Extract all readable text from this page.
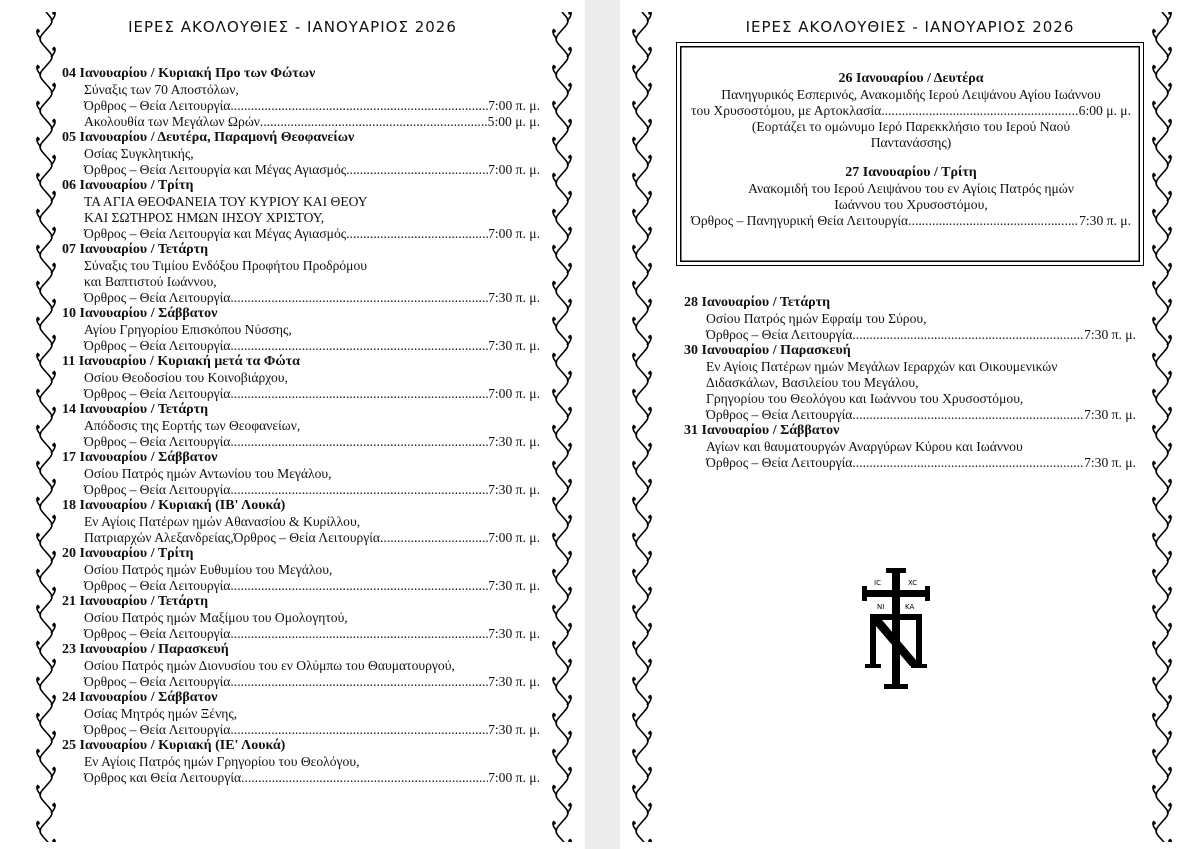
ΙΕΡΕΣ ΑΚΟΛΟΥΘΙΕΣ - ΙΑΝΟΥΑΡΙΟΣ 2026	ΙΕΡΕΣ ΑΚΟΛΟΥΘΙΕΣ - ΙΑΝΟΥΑΡΙΟΣ 2026
04 Ιανουαρίου / Κυριακή Προ των Φώτων
Σύναξις των 70 Αποστόλων,
Όρθρος – Θεία Λειτουργία .....	7:00 π. μ.
Ακολουθία των Μεγάλων Ωρών .....	5:00 μ. μ.
05 Ιανουαρίου / Δευτέρα, Παραμονή Θεοφανείων
Οσίας Συγκλητικής,
Όρθρος – Θεία Λειτουργία και Μέγας Αγιασμός .....	7:00 π. μ.
06 Ιανουαρίου / Τρίτη
ΤΑ ΑΓΙΑ ΘΕΟΦΑΝΕΙΑ ΤΟΥ ΚΥΡΙΟΥ ΚΑΙ ΘΕΟΥ
ΚΑΙ ΣΩΤΗΡΟΣ ΗΜΩΝ ΙΗΣΟΥ ΧΡΙΣΤΟΥ,
Όρθρος – Θεία Λειτουργία και Μέγας Αγιασμός .....	7:00 π. μ.
07 Ιανουαρίου / Τετάρτη
Σύναξις του Τιμίου Ενδόξου Προφήτου Προδρόμου
και Βαπτιστού Ιωάννου,
Όρθρος – Θεία Λειτουργία .....	7:30 π. μ.
10 Ιανουαρίου / Σάββατον
Αγίου Γρηγορίου Επισκόπου Νύσσης,
Όρθρος – Θεία Λειτουργία .....	7:30 π. μ.
11 Ιανουαρίου / Κυριακή μετά τα Φώτα
Οσίου Θεοδοσίου του Κοινοβιάρχου,
Όρθρος – Θεία Λειτουργία .....	7:00 π. μ.
14 Ιανουαρίου / Τετάρτη
Απόδοσις της Εορτής των Θεοφανείων,
Όρθρος – Θεία Λειτουργία .....	7:30 π. μ.
17 Ιανουαρίου / Σάββατον
Οσίου Πατρός ημών Αντωνίου του Μεγάλου,
Όρθρος – Θεία Λειτουργία .....	7:30 π. μ.
18 Ιανουαρίου / Κυριακή (ΙΒ' Λουκά)
Εν Αγίοις Πατέρων ημών Αθανασίου & Κυρίλλου,
Πατριαρχών Αλεξανδρείας,Όρθρος – Θεία Λειτουργία .....	7:00 π. μ.
20 Ιανουαρίου / Τρίτη
Οσίου Πατρός ημών Ευθυμίου του Μεγάλου,
Όρθρος – Θεία Λειτουργία .....	7:30 π. μ.
21 Ιανουαρίου / Τετάρτη
Οσίου Πατρός ημών Μαξίμου του Ομολογητού,
Όρθρος – Θεία Λειτουργία .....	7:30 π. μ.
23 Ιανουαρίου / Παρασκευή
Οσίου Πατρός ημών Διονυσίου του εν Ολύμπω του Θαυματουργού,
Όρθρος – Θεία Λειτουργία .....	7:30 π. μ.
24 Ιανουαρίου / Σάββατον
Οσίας Μητρός ημών Ξένης,
Όρθρος – Θεία Λειτουργία .....	7:30 π. μ.
25 Ιανουαρίου / Κυριακή (ΙΕ' Λουκά)
Εν Αγίοις Πατρός ημών Γρηγορίου του Θεολόγου,
Όρθρος και Θεία Λειτουργία .....	7:00 π. μ.
26 Ιανουαρίου / Δευτέρα
Πανηγυρικός Εσπερινός, Ανακομιδής Ιερού Λειψάνου Αγίου Ιωάννου
του Χρυσοστόμου, με Αρτοκλασία .....	6:00 μ. μ.
(Εορτάζει το ομώνυμο Ιερό Παρεκκλήσιο του Ιερού Ναού
Παντανάσσης)
27 Ιανουαρίου / Τρίτη
Ανακομιδή του Ιερού Λειψάνου του εν Αγίοις Πατρός ημών
Ιωάννου του Χρυσοστόμου,
Όρθρος – Πανηγυρική Θεία Λειτουργία .....	7:30 π. μ.
28 Ιανουαρίου / Τετάρτη
Οσίου Πατρός ημών Εφραίμ του Σύρου,
Όρθρος – Θεία Λειτουργία .....	7:30 π. μ.
30 Ιανουαρίου / Παρασκευή
Εν Αγίοις Πατέρων ημών Μεγάλων Ιεραρχών και Οικουμενικών
Διδασκάλων, Βασιλείου του Μεγάλου,
Γρηγορίου του Θεολόγου και Ιωάννου του Χρυσοστόμου,
Όρθρος – Θεία Λειτουργία .....	7:30 π. μ.
31 Ιανουαρίου / Σάββατον
Αγίων και θαυματουργών Αναργύρων Κύρου και Ιωάννου
Όρθρος – Θεία Λειτουργία .....	7:30 π. μ.
IC	XC
NI	KA
